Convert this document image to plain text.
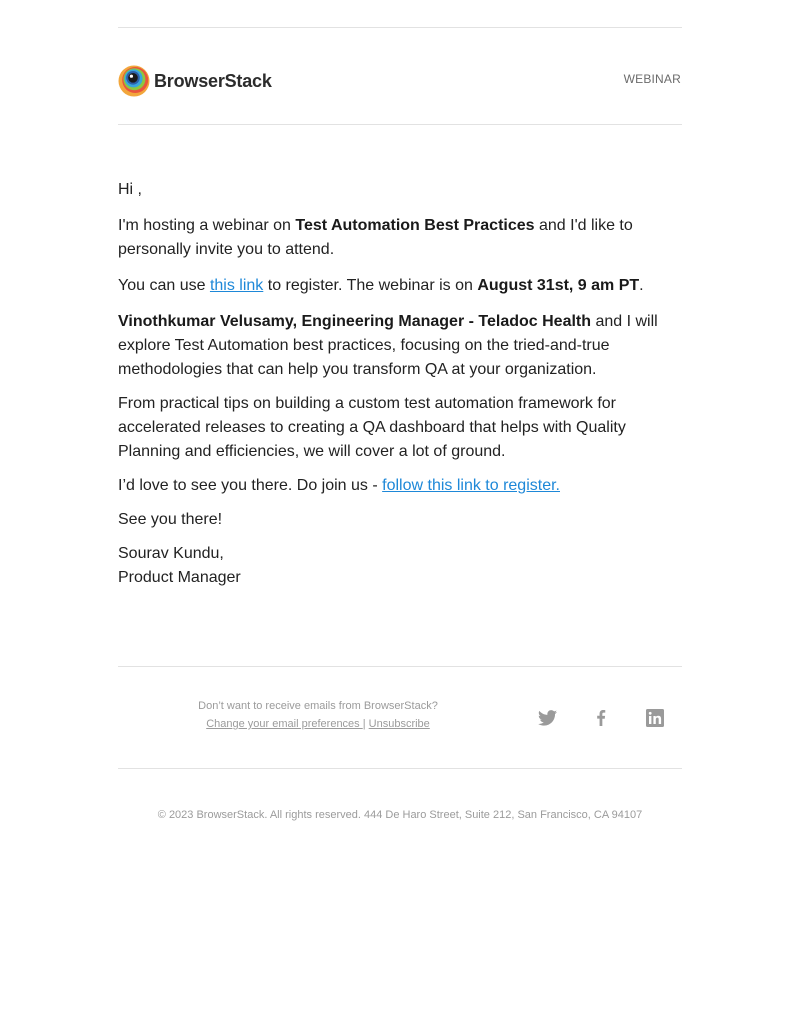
BrowserStack	WEBINAR

Hi ,

I'm hosting a webinar on Test Automation Best Practices and I'd like to personally invite you to attend.

You can use this link to register. The webinar is on August 31st, 9 am PT.

Vinothkumar Velusamy, Engineering Manager - Teladoc Health and I will explore Test Automation best practices, focusing on the tried-and-true methodologies that can help you transform QA at your organization.

From practical tips on building a custom test automation framework for accelerated releases to creating a QA dashboard that helps with Quality Planning and efficiencies, we will cover a lot of ground.

I’d love to see you there. Do join us - follow this link to register.

See you there!

Sourav Kundu,

Product Manager

Don’t want to receive emails from BrowserStack?
Change your email preferences | Unsubscribe
© 2023 BrowserStack. All rights reserved. 444 De Haro Street, Suite 212, San Francisco, CA 94107
